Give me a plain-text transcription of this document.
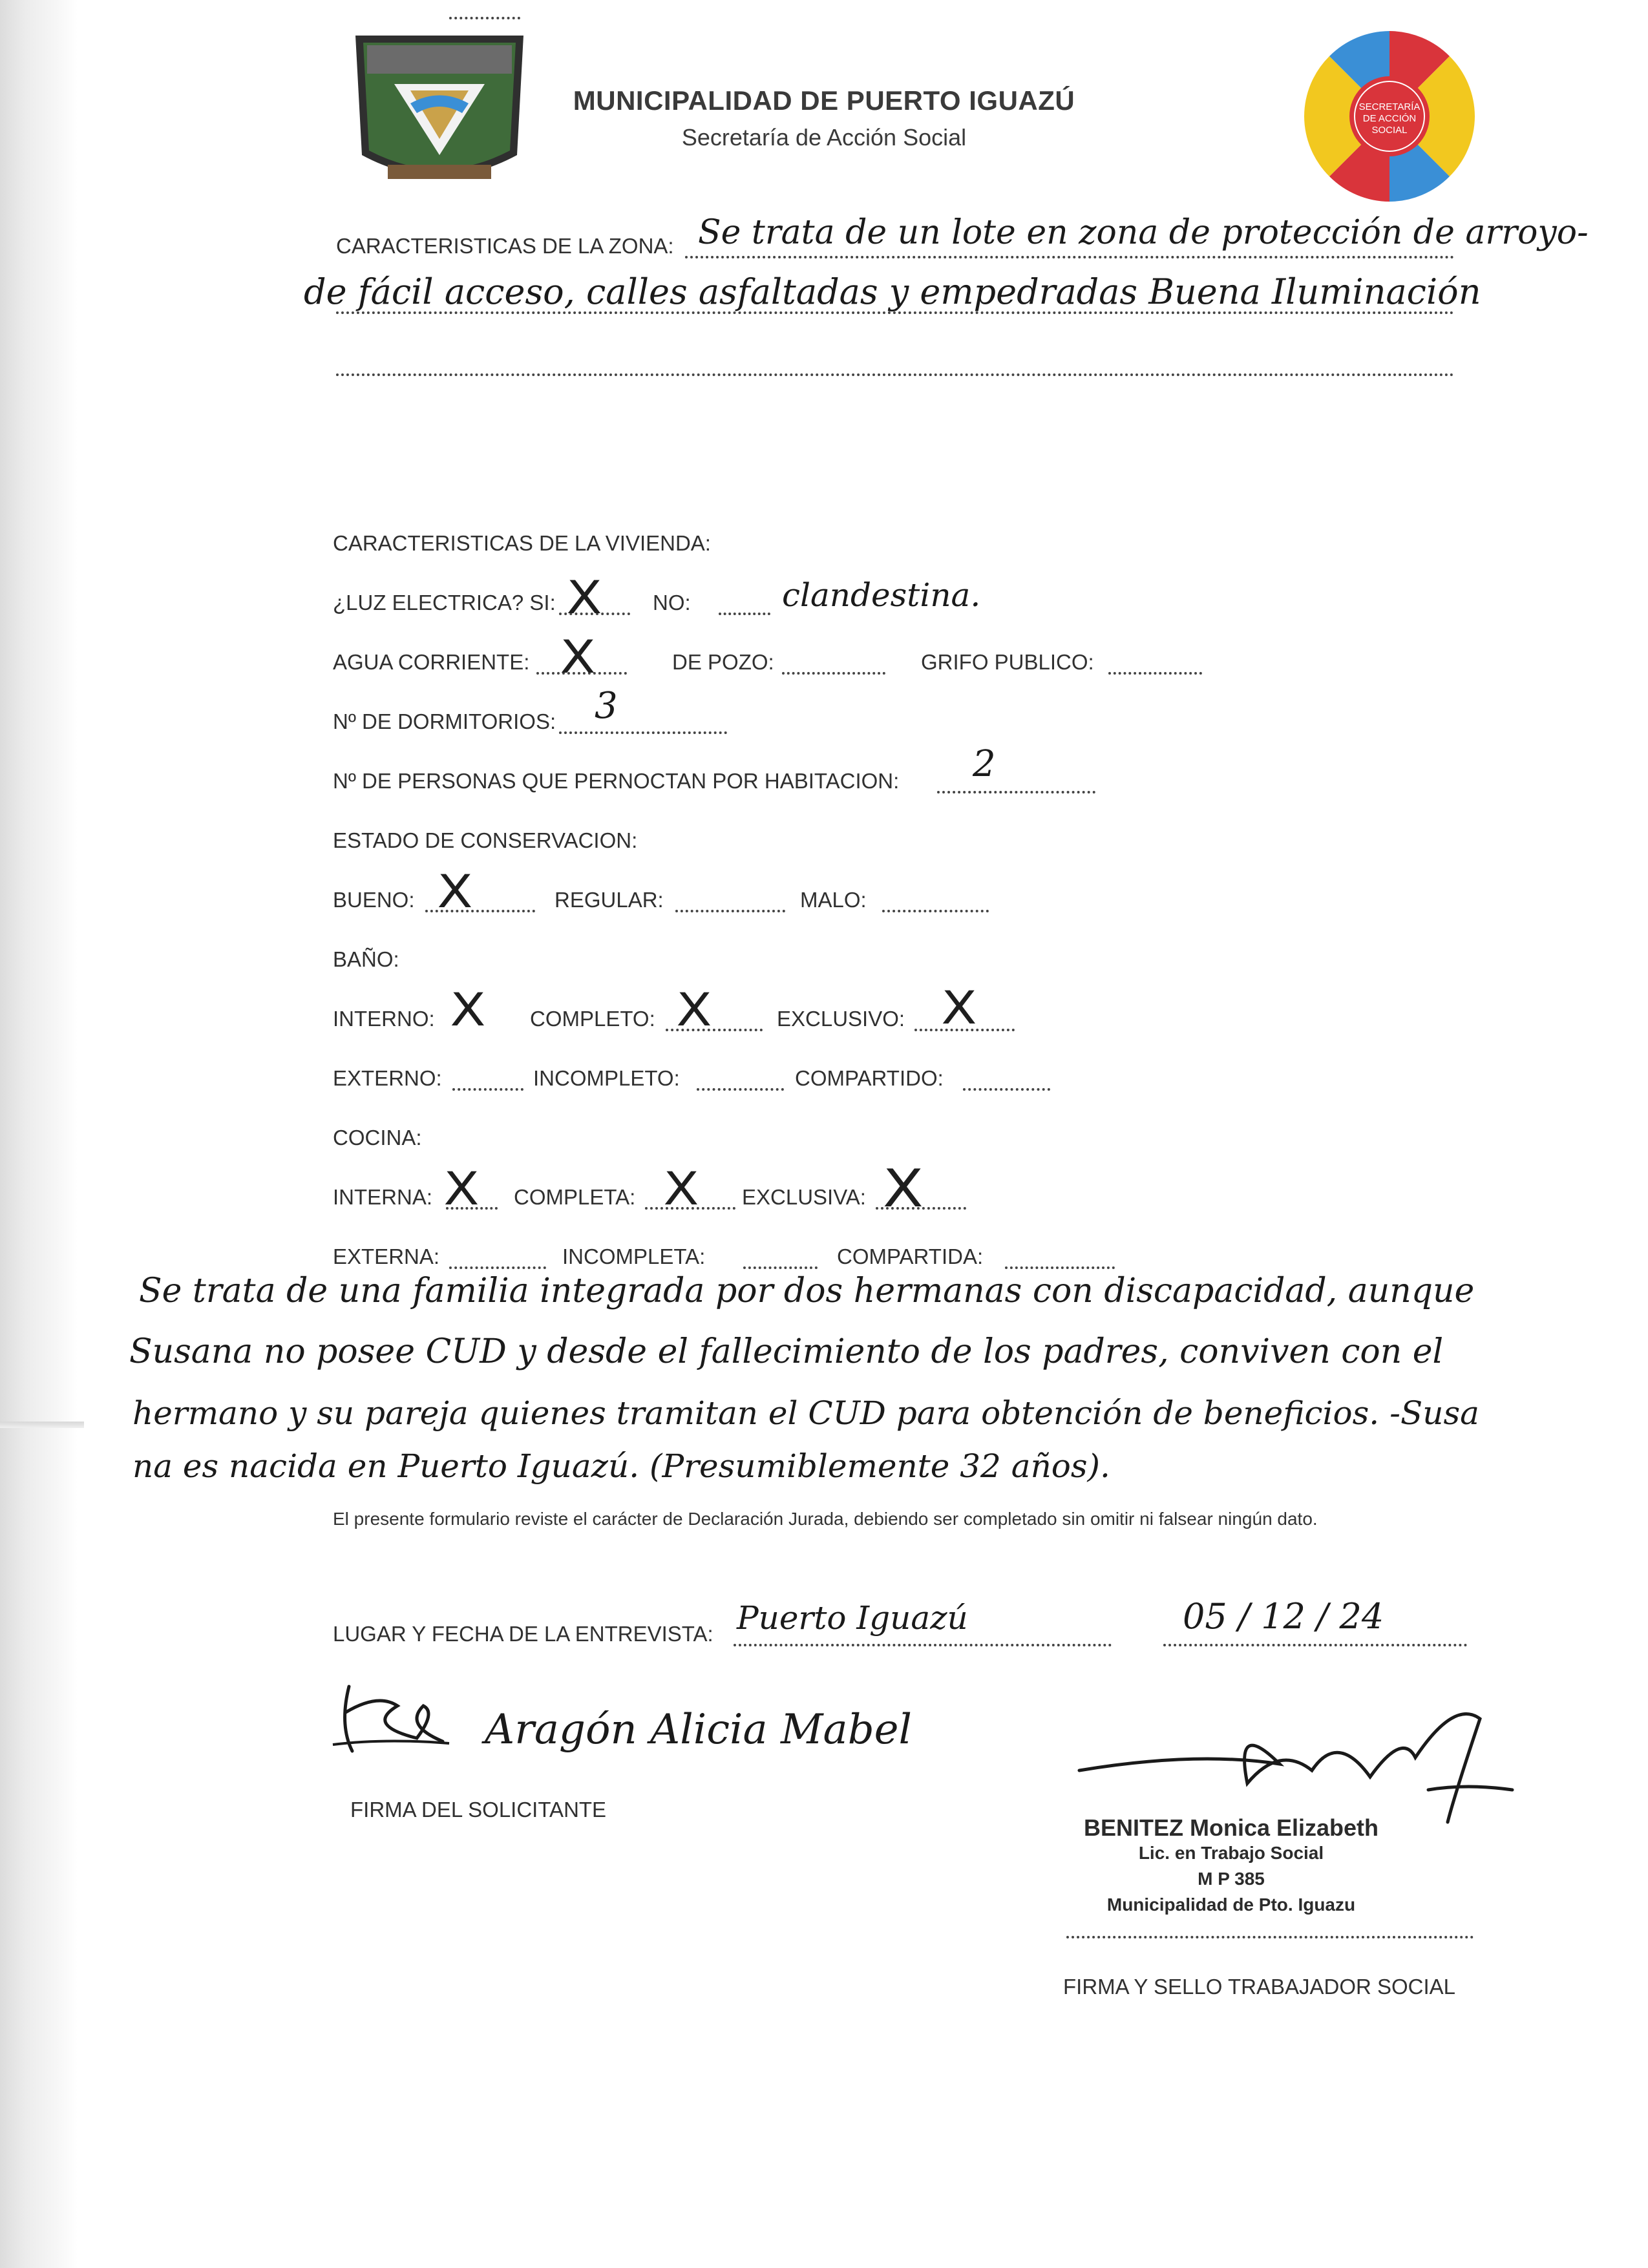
MUNICIPALIDAD DE PUERTO IGUAZÚ
Secretaría de Acción Social
SECRETARÍA
DE ACCIÓN
SOCIAL
CARACTERISTICAS DE LA ZONA: Se trata de un lote en zona de protección de arroyo-
de fácil acceso, calles asfaltadas y empedradas Buena Iluminación
CARACTERISTICAS DE LA VIVIENDA:
¿LUZ ELECTRICA? SI: X NO:	clandestina.
AGUA CORRIENTE: X	DE POZO:	GRIFO PUBLICO:
Nº DE DORMITORIOS: 3
Nº DE PERSONAS QUE PERNOCTAN POR HABITACION: 2
ESTADO DE CONSERVACION:
BUENO: X	REGULAR:	MALO:
BAÑO:
INTERNO: X COMPLETO: X	EXCLUSIVO: X
EXTERNO:	INCOMPLETO:	COMPARTIDO:
COCINA:
INTERNA: X COMPLETA: X EXCLUSIVA: X
EXTERNA:	INCOMPLETA:	COMPARTIDA:
Se trata de una familia integrada por dos hermanas con discapacidad, aunque
Susana no posee CUD y desde el fallecimiento de los padres, conviven con el
hermano y su pareja quienes tramitan el CUD para obtención de beneficios. -Susa
na es nacida en Puerto Iguazú. (Presumiblemente 32 años).
El presente formulario reviste el carácter de Declaración Jurada, debiendo ser completado sin omitir ni falsear ningún dato.
LUGAR Y FECHA DE LA ENTREVISTA: Puerto Iguazú	05 / 12 / 24
Aragón Alicia Mabel
FIRMA DEL SOLICITANTE
BENITEZ Monica Elizabeth
Lic. en Trabajo Social
M P 385
Municipalidad de Pto. Iguazu
FIRMA Y SELLO TRABAJADOR SOCIAL
